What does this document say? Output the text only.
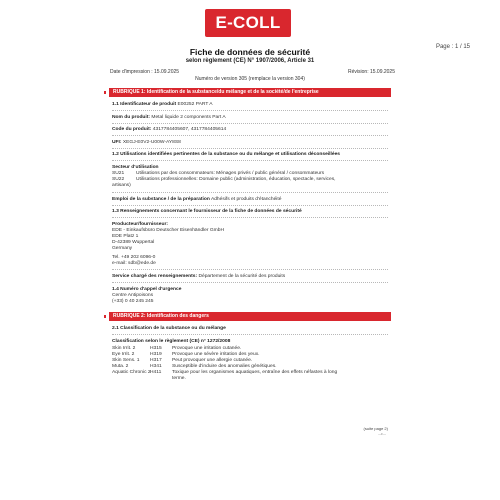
E-COLL
Page : 1 / 15
Fiche de données de sécurité
selon règlement (CE) N° 1907/2006, Article 31
Date d'impression : 15.09.2025	Révision: 15.09.2025
Numéro de version 305 (remplace la version 304)
RUBRIQUE 1: Identification de la substance/du mélange et de la société/de l'entreprise
1.1 Identificateur de produit E00252 PART A
Nom du produit: Metal liquide 2 components Part A
Code du produit: 4317784405607, 4317784405614
UFI: XEGJ-E0V2-U00W-AY8S8
1.2 Utilisations identifiées pertinentes de la substance ou du mélange et utilisations déconseillées
Secteur d'utilisation
SU21 Utilisations par des consommateurs: Ménages privés / public général / consommateurs
SU22 Utilisations professionnelles: Domaine public (administration, éducation, spectacle, services,
artisans)
Emploi de la substance / de la préparation Adhésifs et produits d'étanchéité
1.3 Renseignements concernant le fournisseur de la fiche de données de sécurité
Producteur/fournisseur:
EDE - Einkaufsbüro Deutscher Eisenhändler GmbH
EDE Platz 1
D-42389 Wuppertal
Germany
Tel. +49 202 6096-0
e-mail: sdb@ede.de
Service chargé des renseignements: Département de la sécurité des produits
1.4 Numéro d'appel d'urgence
Centre Antipoisons
(+33) 0 40 245 245
RUBRIQUE 2: Identification des dangers
2.1 Classification de la substance ou du mélange
Classification selon le règlement (CE) n° 1272/2008
Skin Irrit. 2	H315 Provoque une irritation cutanée.
Eye Irrit. 2	H319 Provoque une sévère irritation des yeux.
Skin Sens. 1 H317 Peut provoquer une allergie cutanée.
Muta. 2	H341 Susceptible d'induire des anomalies génétiques.
Aquatic Chronic 2H411 Toxique pour les organismes aquatiques, entraîne des effets néfastes à long
terme.
(suite page 2)
—F—
